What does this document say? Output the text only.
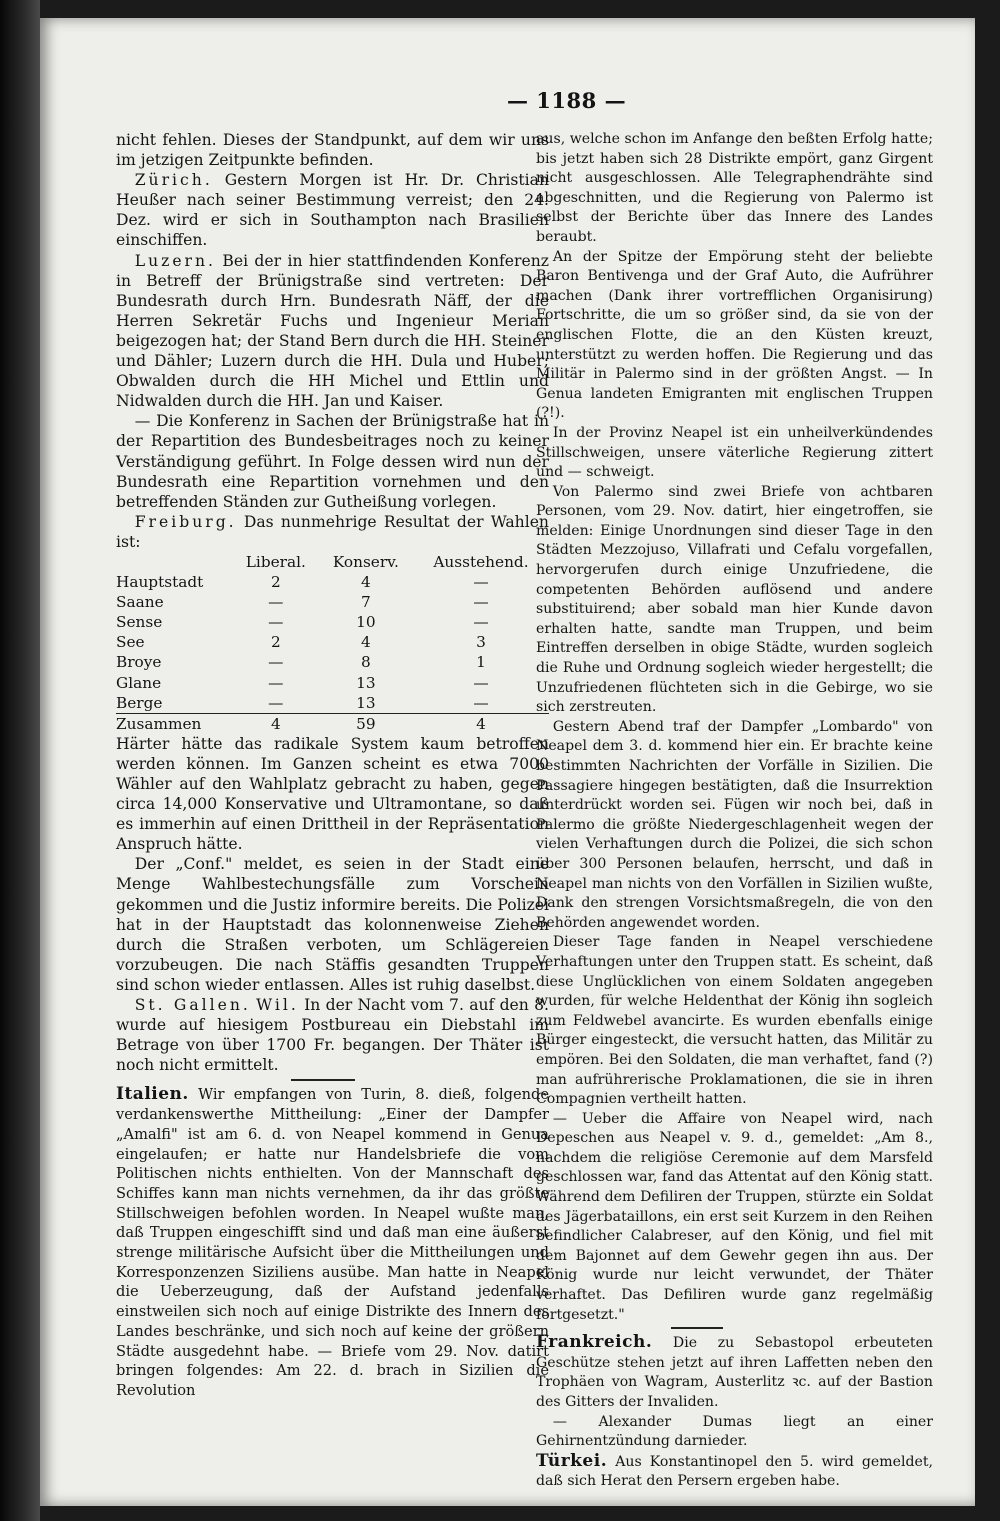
— 1188 —

nicht fehlen. Dieses der Standpunkt, auf dem wir uns im jetzigen Zeitpunkte befinden.

Zürich. Gestern Morgen ist Hr. Dr. Christian Heußer nach seiner Bestimmung verreist; den 24. Dez. wird er sich in Southampton nach Brasilien einschiffen.

Luzern. Bei der in hier stattfindenden Konferenz in Betreff der Brünigstraße sind vertreten: Der Bundesrath durch Hrn. Bundesrath Näff, der die Herren Sekretär Fuchs und Ingenieur Merian beigezogen hat; der Stand Bern durch die HH. Steiner und Dähler; Luzern durch die HH. Dula und Huber; Obwalden durch die HH Michel und Ettlin und Nidwalden durch die HH. Jan und Kaiser.

— Die Konferenz in Sachen der Brünigstraße hat in der Repartition des Bundesbeitrages noch zu keiner Verständigung geführt. In Folge dessen wird nun der Bundesrath eine Repartition vornehmen und den betreffenden Ständen zur Gutheißung vorlegen.

Freiburg. Das nunmehrige Resultat der Wahlen ist:

	Liberal.	Konserv.	Ausstehend.
Hauptstadt	2	4	—
Saane	—	7	—
Sense	—	10	—
See	2	4	3
Broye	—	8	1
Glane	—	13	—
Berge	—	13	—
Zusammen	4	59	4

Härter hätte das radikale System kaum betroffen werden können. Im Ganzen scheint es etwa 7000 Wähler auf den Wahlplatz gebracht zu haben, gegen circa 14,000 Konservative und Ultramontane, so daß es immerhin auf einen Drittheil in der Repräsentation Anspruch hätte.

Der „Conf." meldet, es seien in der Stadt eine Menge Wahlbestechungsfälle zum Vorschein gekommen und die Justiz informire bereits. Die Polizei hat in der Hauptstadt das kolonnenweise Ziehen durch die Straßen verboten, um Schlägereien vorzubeugen. Die nach Stäffis gesandten Truppen sind schon wieder entlassen. Alles ist ruhig daselbst.

St. Gallen. Wil. In der Nacht vom 7. auf den 8. wurde auf hiesigem Postbureau ein Diebstahl im Betrage von über 1700 Fr. begangen. Der Thäter ist noch nicht ermittelt.

Italien. Wir empfangen von Turin, 8. dieß, folgende verdankenswerthe Mittheilung: „Einer der Dampfer „Amalfi" ist am 6. d. von Neapel kommend in Genua eingelaufen; er hatte nur Handelsbriefe die vom Politischen nichts enthielten. Von der Mannschaft des Schiffes kann man nichts vernehmen, da ihr das größte Stillschweigen befohlen worden. In Neapel wußte man, daß Truppen eingeschifft sind und daß man eine äußerst strenge militärische Aufsicht über die Mittheilungen und Korresponzenzen Siziliens ausübe. Man hatte in Neapel die Ueberzeugung, daß der Aufstand jedenfalls einstweilen sich noch auf einige Distrikte des Innern des Landes beschränke, und sich noch auf keine der größern Städte ausgedehnt habe. — Briefe vom 29. Nov. datirt bringen folgendes: Am 22. d. brach in Sizilien die Revolution

aus, welche schon im Anfange den beßten Erfolg hatte; bis jetzt haben sich 28 Distrikte empört, ganz Girgent nicht ausgeschlossen. Alle Telegraphendrähte sind abgeschnitten, und die Regierung von Palermo ist selbst der Berichte über das Innere des Landes beraubt.

An der Spitze der Empörung steht der beliebte Baron Bentivenga und der Graf Auto, die Aufrührer machen (Dank ihrer vortrefflichen Organisirung) Fortschritte, die um so größer sind, da sie von der englischen Flotte, die an den Küsten kreuzt, unterstützt zu werden hoffen. Die Regierung und das Militär in Palermo sind in der größten Angst. — In Genua landeten Emigranten mit englischen Truppen (?!).

In der Provinz Neapel ist ein unheilverkündendes Stillschweigen, unsere väterliche Regierung zittert und — schweigt.

Von Palermo sind zwei Briefe von achtbaren Personen, vom 29. Nov. datirt, hier eingetroffen, sie melden: Einige Unordnungen sind dieser Tage in den Städten Mezzojuso, Villafrati und Cefalu vorgefallen, hervorgerufen durch einige Unzufriedene, die competenten Behörden auflösend und andere substituirend; aber sobald man hier Kunde davon erhalten hatte, sandte man Truppen, und beim Eintreffen derselben in obige Städte, wurden sogleich die Ruhe und Ordnung sogleich wieder hergestellt; die Unzufriedenen flüchteten sich in die Gebirge, wo sie sich zerstreuten.

Gestern Abend traf der Dampfer „Lombardo" von Neapel dem 3. d. kommend hier ein. Er brachte keine bestimmten Nachrichten der Vorfälle in Sizilien. Die Passagiere hingegen bestätigten, daß die Insurrektion unterdrückt worden sei. Fügen wir noch bei, daß in Palermo die größte Niedergeschlagenheit wegen der vielen Verhaftungen durch die Polizei, die sich schon über 300 Personen belaufen, herrscht, und daß in Neapel man nichts von den Vorfällen in Sizilien wußte, Dank den strengen Vorsichtsmaßregeln, die von den Behörden angewendet worden.

Dieser Tage fanden in Neapel verschiedene Verhaftungen unter den Truppen statt. Es scheint, daß diese Unglücklichen von einem Soldaten angegeben wurden, für welche Heldenthat der König ihn sogleich zum Feldwebel avancirte. Es wurden ebenfalls einige Bürger eingesteckt, die versucht hatten, das Militär zu empören. Bei den Soldaten, die man verhaftet, fand (?) man aufrührerische Proklamationen, die sie in ihren Compagnien vertheilt hatten.

— Ueber die Affaire von Neapel wird, nach Depeschen aus Neapel v. 9. d., gemeldet: „Am 8., nachdem die religiöse Ceremonie auf dem Marsfeld geschlossen war, fand das Attentat auf den König statt. Während dem Defiliren der Truppen, stürzte ein Soldat des Jägerbataillons, ein erst seit Kurzem in den Reihen befindlicher Calabreser, auf den König, und fiel mit dem Bajonnet auf dem Gewehr gegen ihn aus. Der König wurde nur leicht verwundet, der Thäter verhaftet. Das Defiliren wurde ganz regelmäßig fortgesetzt."

Frankreich. Die zu Sebastopol erbeuteten Geschütze stehen jetzt auf ihren Laffetten neben den Trophäen von Wagram, Austerlitz ꝛc. auf der Bastion des Gitters der Invaliden.

— Alexander Dumas liegt an einer Gehirnentzündung darnieder.

Türkei. Aus Konstantinopel den 5. wird gemeldet, daß sich Herat den Persern ergeben habe.
